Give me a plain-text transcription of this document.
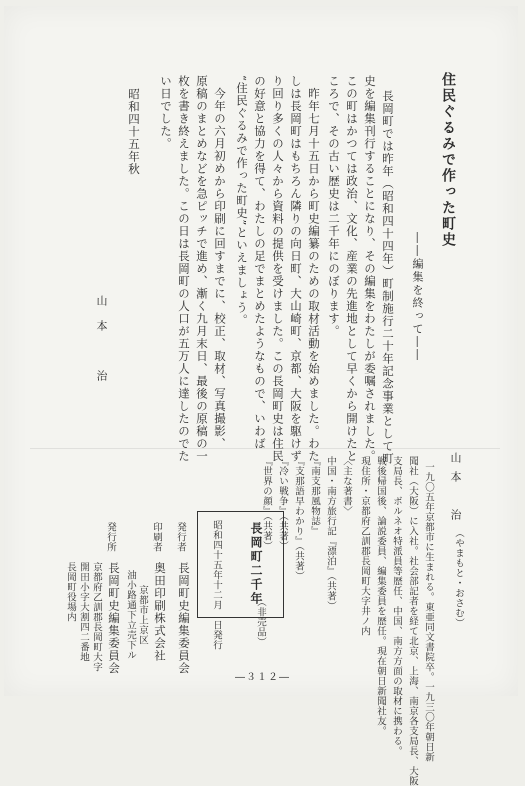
住民ぐるみで作った町史
――編集を終って――
長岡町では昨年（昭和四十四年）町制施行二十年記念事業として町
史を編集刊行することになり、その編集をわたしが委嘱されました。
この町はかつては政治、文化、産業の先進地として早くから開けたと
ころで、その古い歴史は二千年にのぼります。
　昨年七月十五日から町史編纂のための取材活動を始めました。わた
しは長岡町はもちろん隣りの向日町、大山崎町、京都、大阪を駆けず
り回り多くの人々から資料の提供を受けました。この長岡町史は住民
の好意と協力を得て、わたしの足でまとめたようなもので、いわば
“住民ぐるみで作った町史”といえましょう。
　今年の六月初めから印刷に回すまでに、校正、取材、写真撮影、
原稿のまとめなどを急ピッチで進め、漸く九月末日、最後の原稿の一
枚を書き終えました。この日は長岡町の人口が五万人に達したのでた
い日でした。
昭和四十五年秋
山本　治
山本　治
（やまもと・おさむ）
一九〇五年京都市に生まれる。東亜同文書院卒。一九三〇年朝日新
聞社（大阪）に入社。社会部記者を経て北京、上海、南京各支局長、大阪
支局長、ボルネオ特派員等歴任、中国、南方方面の取材に携わる。
戦後帰国後、論説委員、編集委員を歴任。現在朝日新聞社友。
現住所・京都府乙訓郡長岡町大字井ノ内
〈主な著書〉
中国・南方旅行記『漂泊』（共著）
『南支那風物誌』
『支那語早わかり』（共著）
『冷い戦争』（共著）
『世界の顔』（共著）
長岡町二千年
（非売品）
昭和四十五年十二月　日発行
発行者
長岡町史編集委員会
印刷者
奥田印刷株式会社
京都市上京区
油小路通下立売下ル
発行所
長岡町史編集委員会
京都府乙訓郡長岡町大字
開田小字大割四二番地
長岡町役場内
―３１２―
